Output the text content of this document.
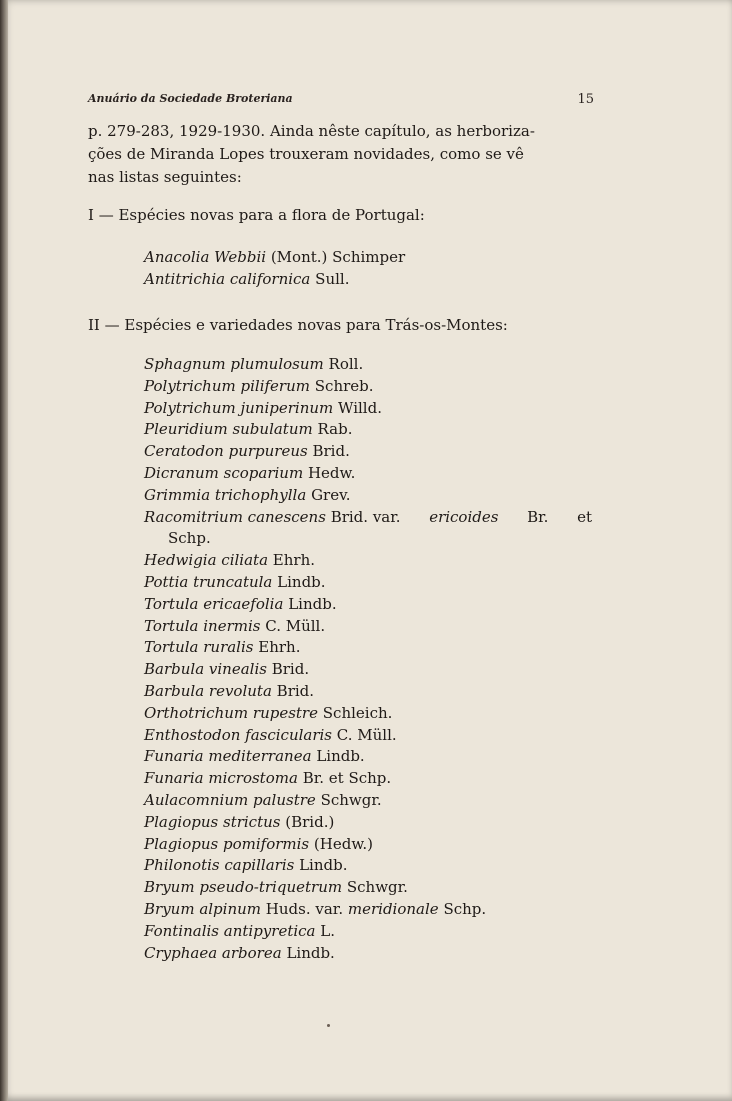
Anuário da Sociedade Broteriana	15
p. 279-283, 1929-1930. Ainda nêste capítulo, as herboriza-
ções de Miranda Lopes trouxeram novidades, como se vê
nas listas seguintes:
I — Espécies novas para a flora de Portugal:
Anacolia Webbii (Mont.) Schimper
Antitrichia californica Sull.
II — Espécies e variedades novas para Trás-os-Montes:
Sphagnum plumulosum Roll.
Polytrichum piliferum Schreb.
Polytrichum juniperinum Willd.
Pleuridium subulatum Rab.
Ceratodon purpureus Brid.
Dicranum scoparium Hedw.
Grimmia trichophylla Grev.
Racomitrium canescens Brid. var. ericoides Br. et
Schp.
Hedwigia ciliata Ehrh.
Pottia truncatula Lindb.
Tortula ericaefolia Lindb.
Tortula inermis C. Müll.
Tortula ruralis Ehrh.
Barbula vinealis Brid.
Barbula revoluta Brid.
Orthotrichum rupestre Schleich.
Enthostodon fascicularis C. Müll.
Funaria mediterranea Lindb.
Funaria microstoma Br. et Schp.
Aulacomnium palustre Schwgr.
Plagiopus strictus (Brid.)
Plagiopus pomiformis (Hedw.)
Philonotis capillaris Lindb.
Bryum pseudo-triquetrum Schwgr.
Bryum alpinum Huds. var. meridionale Schp.
Fontinalis antipyretica L.
Cryphaea arborea Lindb.
